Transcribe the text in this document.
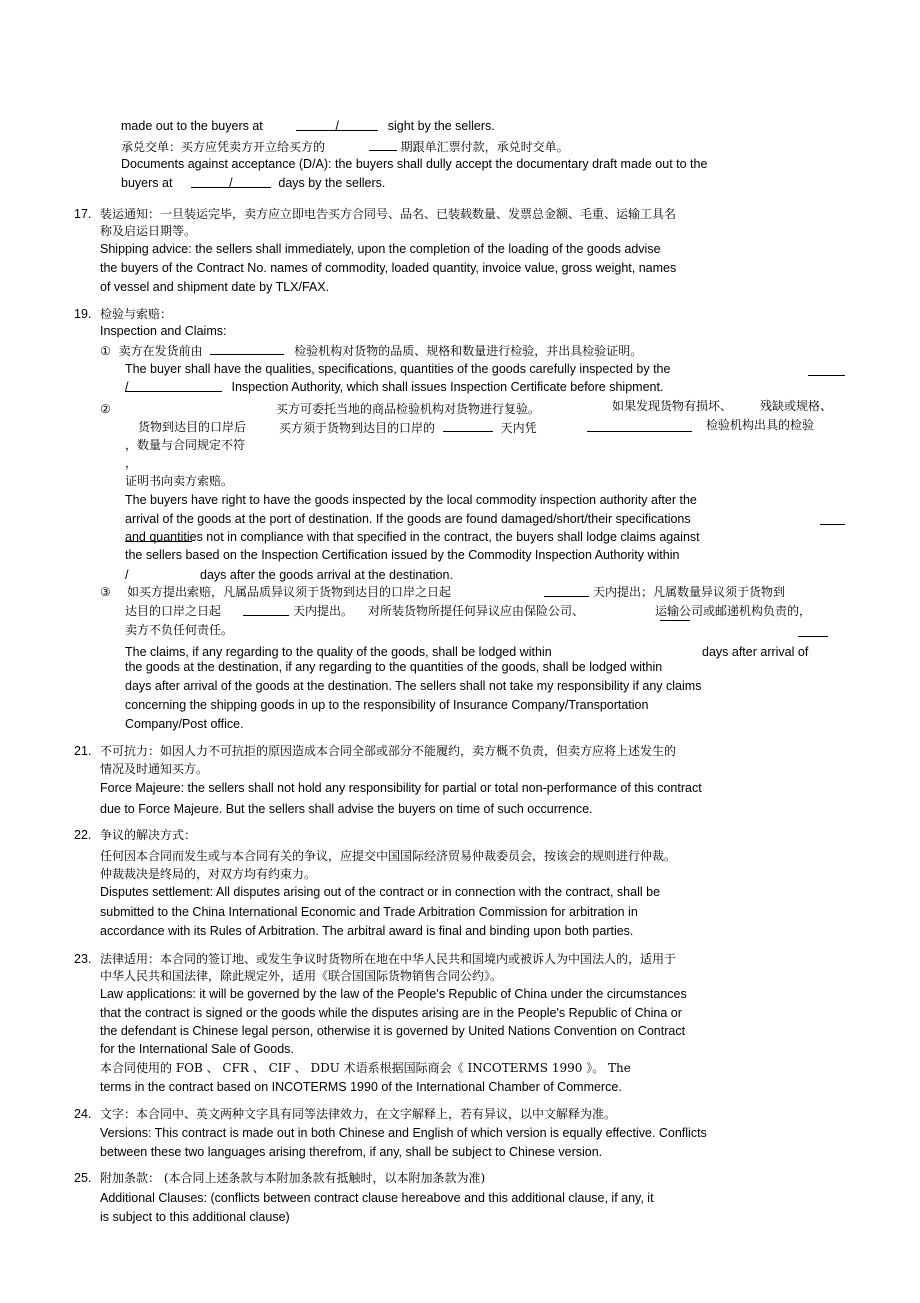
made out to the buyers at	/	sight by the sellers.
承兑交单：买方应凭卖方开立给买方的	期跟单汇票付款，承兑时交单。
Documents against acceptance (D/A): the buyers shall dully accept the documentary draft made out to the
buyers at	/	days by the sellers.
17. 装运通知：一旦装运完毕，卖方应立即电告买方合同号、品名、已装载数量、发票总金额、毛重、运输工具名
称及启运日期等。
Shipping advice: the sellers shall immediately, upon the completion of the loading of the goods advise
the buyers of the Contract No. names of commodity, loaded quantity, invoice value, gross weight, names
of vessel and shipment date by TLX/FAX.
19. 检验与索赔：
Inspection and Claims:
① 卖方在发货前由	检验机构对货物的品质、规格和数量进行检验，并出具检验证明。
The buyer shall have the qualities, specifications, quantities of the goods carefully inspected by the
/	Inspection Authority, which shall issues Inspection Certificate before shipment.
②	买方可委托当地的商品检验机构对货物进行复验。	如果发现货物有损坏、 残缺或规格、
货物到达目的口岸后	买方须于货物到达目的口岸的	天内凭	检验机构出具的检验
，数量与合同规定不符
，
证明书向卖方索赔。
The buyers have right to have the goods inspected by the local commodity inspection authority after the
arrival of the goods at the port of destination. If the goods are found damaged/short/their specifications
and quantities not in compliance with that specified in the contract, the buyers shall lodge claims against
the sellers based on the Inspection Certification issued by the Commodity Inspection Authority within
/	days after the goods arrival at the destination.
③ 如买方提出索赔，凡属品质异议须于货物到达目的口岸之日起	天内提出；凡属数量异议须于货物到
达目的口岸之日起	天内提出。 对所装货物所提任何异议应由保险公司、	运输公司或邮递机构负责的，
卖方不负任何责任。
The claims, if any regarding to the quality of the goods, shall be lodged within	days after arrival of
the goods at the destination, if any regarding to the quantities of the goods, shall be lodged within
days after arrival of the goods at the destination. The sellers shall not take my responsibility if any claims
concerning the shipping goods in up to the responsibility of Insurance Company/Transportation
Company/Post office.
21. 不可抗力：如因人力不可抗拒的原因造成本合同全部或部分不能履约，卖方概不负责，但卖方应将上述发生的
情况及时通知买方。
Force Majeure: the sellers shall not hold any responsibility for partial or total non-performance of this contract
due to Force Majeure. But the sellers shall advise the buyers on time of such occurrence.
22. 争议的解决方式：
任何因本合同而发生或与本合同有关的争议，应提交中国国际经济贸易仲裁委员会，按该会的规则进行仲裁。
仲裁裁决是终局的，对双方均有约束力。
Disputes settlement: All disputes arising out of the contract or in connection with the contract, shall be
submitted to the China International Economic and Trade Arbitration Commission for arbitration in
accordance with its Rules of Arbitration. The arbitral award is final and binding upon both parties.
23. 法律适用：本合同的签订地、或发生争议时货物所在地在中华人民共和国境内或被诉人为中国法人的，适用于
中华人民共和国法律，除此规定外，适用《联合国国际货物销售合同公约》。
Law applications: it will be governed by the law of the People's Republic of China under the circumstances
that the contract is signed or the goods while the disputes arising are in the People's Republic of China or
the defendant is Chinese legal person, otherwise it is governed by United Nations Convention on Contract
for the International Sale of Goods.
本合同使用的 FOB 、 CFR 、 CIF 、 DDU 术语系根据国际商会《 INCOTERMS 1990 》。 The
terms in the contract based on INCOTERMS 1990 of the International Chamber of Commerce.
24. 文字：本合同中、英文两种文字具有同等法律效力，在文字解释上，若有异议，以中文解释为准。
Versions: This contract is made out in both Chinese and English of which version is equally effective. Conflicts
between these two languages arising therefrom, if any, shall be subject to Chinese version.
25. 附加条款： (本合同上述条款与本附加条款有抵触时，以本附加条款为准)
Additional Clauses: (conflicts between contract clause hereabove and this additional clause, if any, it
is subject to this additional clause)
